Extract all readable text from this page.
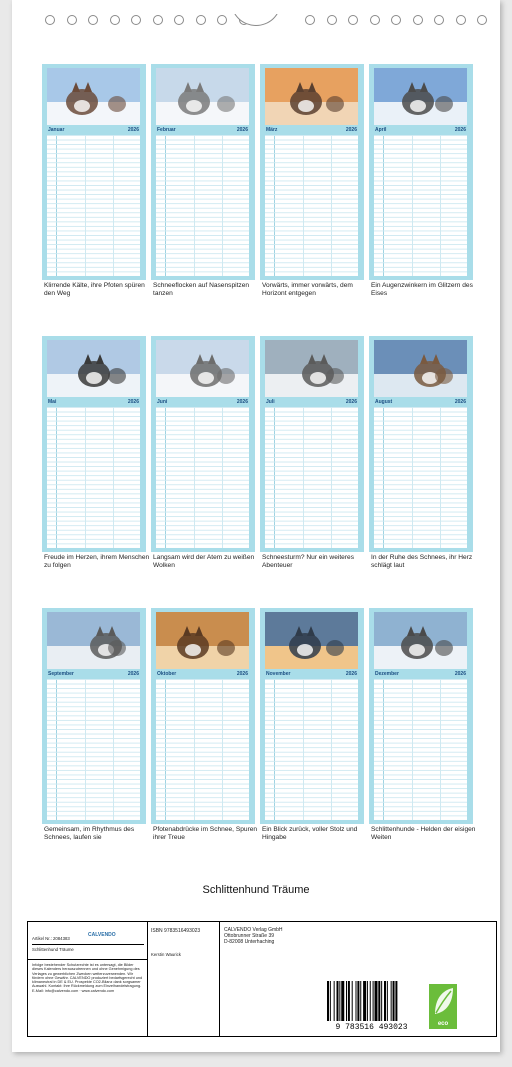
Januar	2026
Klirrende Kälte, ihre Pfoten spüren den Weg
Februar	2026
Schneeflocken auf Nasenspitzen tanzen
März	2026
Vorwärts, immer vorwärts, dem Horizont entgegen
April	2026
Ein Augenzwinkern im Glitzern des Eises
Mai	2026
Freude im Herzen, ihrem Menschen zu folgen
Juni	2026
Langsam wird der Atem zu weißen Wolken
Juli	2026
Schneesturm? Nur ein weiteres Abenteuer
August	2026
In der Ruhe des Schnees, ihr Herz schlägt laut
September	2026
Gemeinsam, im Rhythmus des Schnees, laufen sie
Oktober	2026
Pfotenabdrücke im Schnee, Spuren ihrer Treue
November	2026
Ein Blick zurück, voller Stolz und Hingabe
Dezember	2026
Schlittenhunde - Helden der eisigen Weiten
Schlittenhund Träume
Artikel Nr.: 2084383
CALVENDO
Schlittenhund Träume
Infolge bestehender Schutzrechte ist es untersagt, die Bilder dieses Kalenders herauszutrennen und ohne Genehmigung des Verlages zu gewerblichen Zwecken weiterzuverwenden. Wir fördern ohne Gewähr. CALVENDO produziert bedarfsgerecht und klimaneutral in DE & EU. Prospekte CO2-Bilanz dank sorgsamer Auswahl. Kontakt: Ihre Rückmeldung zum Einzelhandelstragung. E-Mail: info@calvendo.com · www.calvendo.com
ISBN 9783516493023
Kerstin Waurick
CALVENDO Verlag GmbH
Ottobrunner Straße 39
D-82008 Unterhaching
9 783516 493023	eco
